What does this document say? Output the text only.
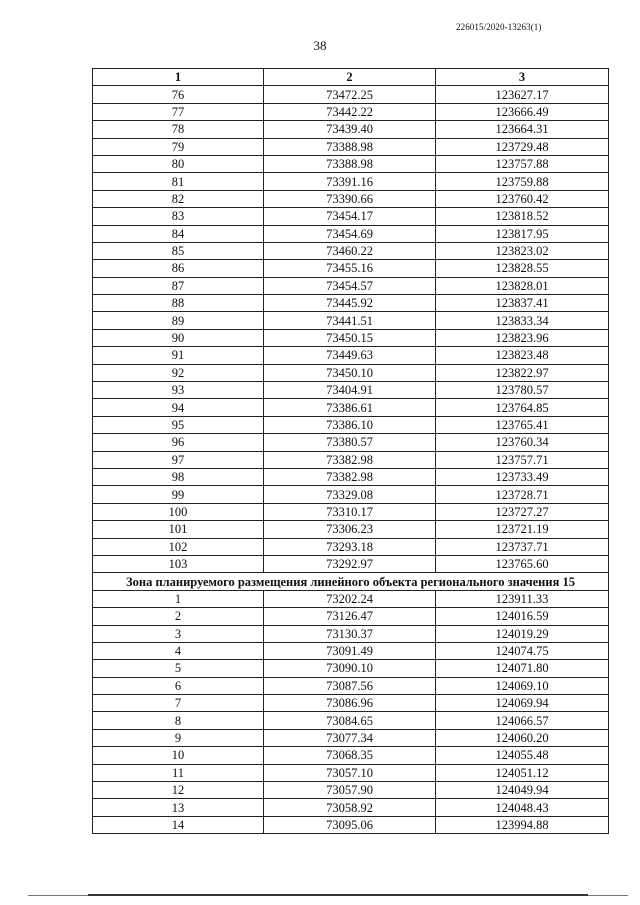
226015/2020-13263(1)
38
1	2	3
76	73472.25	123627.17
77	73442.22	123666.49
78	73439.40	123664.31
79	73388.98	123729.48
80	73388.98	123757.88
81	73391.16	123759.88
82	73390.66	123760.42
83	73454.17	123818.52
84	73454.69	123817.95
85	73460.22	123823.02
86	73455.16	123828.55
87	73454.57	123828.01
88	73445.92	123837.41
89	73441.51	123833.34
90	73450.15	123823.96
91	73449.63	123823.48
92	73450.10	123822.97
93	73404.91	123780.57
94	73386.61	123764.85
95	73386.10	123765.41
96	73380.57	123760.34
97	73382.98	123757.71
98	73382.98	123733.49
99	73329.08	123728.71
100	73310.17	123727.27
101	73306.23	123721.19
102	73293.18	123737.71
103	73292.97	123765.60
Зона планируемого размещения линейного объекта регионального значения 15		
1	73202.24	123911.33
2	73126.47	124016.59
3	73130.37	124019.29
4	73091.49	124074.75
5	73090.10	124071.80
6	73087.56	124069.10
7	73086.96	124069.94
8	73084.65	124066.57
9	73077.34	124060.20
10	73068.35	124055.48
11	73057.10	124051.12
12	73057.90	124049.94
13	73058.92	124048.43
14	73095.06	123994.88
